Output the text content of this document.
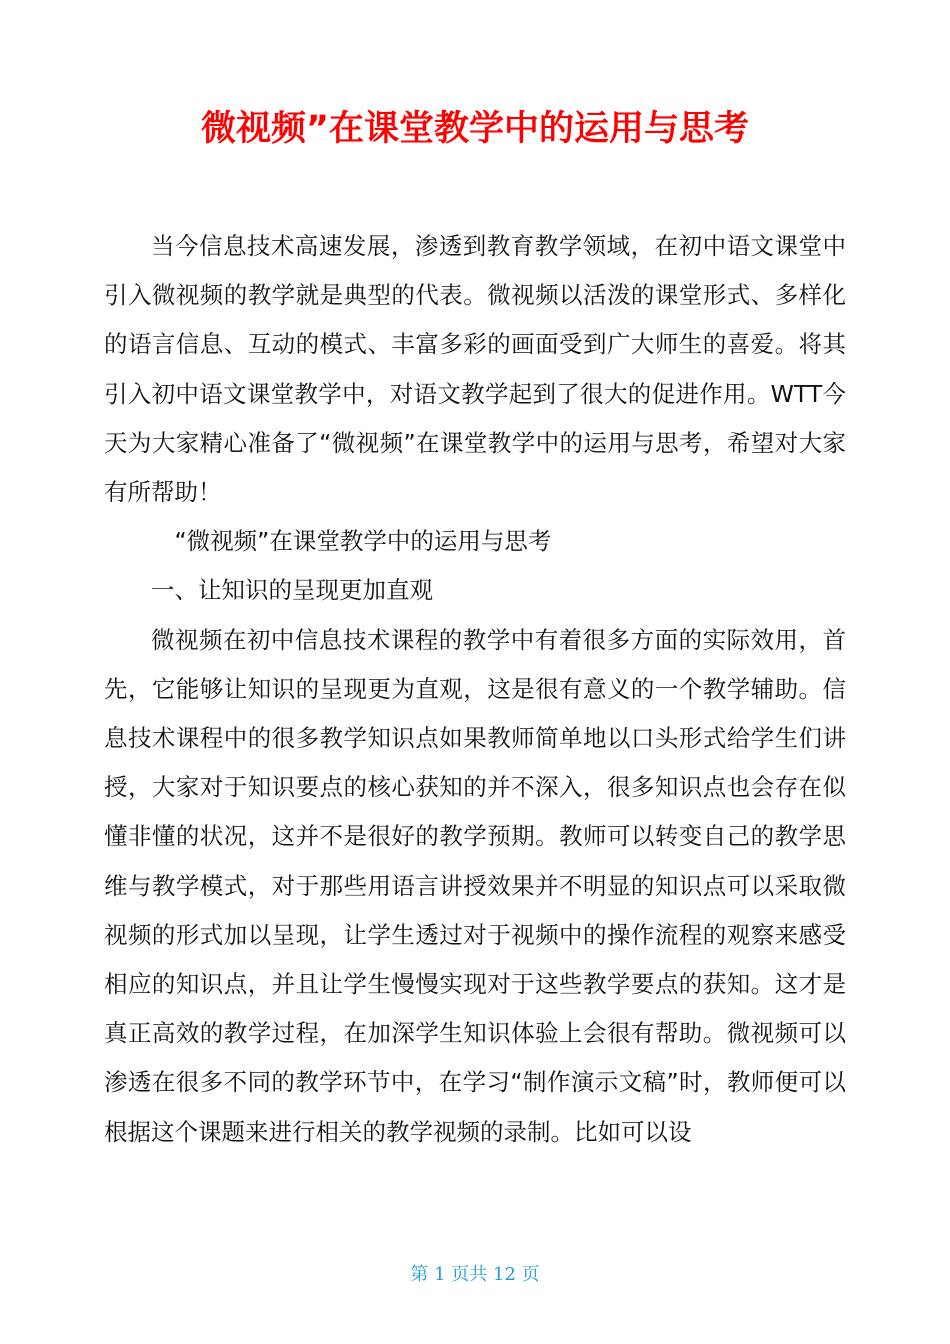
微视频”在课堂教学中的运用与思考

当今信息技术高速发展，渗透到教育教学领域，在初中语文课堂中引入微视频的教学就是典型的代表。微视频以活泼的课堂形式、多样化的语言信息、互动的模式、丰富多彩的画面受到广大师生的喜爱。将其引入初中语文课堂教学中，对语文教学起到了很大的促进作用。WTT今天为大家精心准备了“微视频”在课堂教学中的运用与思考，希望对大家有所帮助！

“微视频”在课堂教学中的运用与思考

一、让知识的呈现更加直观

微视频在初中信息技术课程的教学中有着很多方面的实际效用，首先，它能够让知识的呈现更为直观，这是很有意义的一个教学辅助。信息技术课程中的很多教学知识点如果教师简单地以口头形式给学生们讲授，大家对于知识要点的核心获知的并不深入，很多知识点也会存在似懂非懂的状况，这并不是很好的教学预期。教师可以转变自己的教学思维与教学模式，对于那些用语言讲授效果并不明显的知识点可以采取微视频的形式加以呈现，让学生透过对于视频中的操作流程的观察来感受相应的知识点，并且让学生慢慢实现对于这些教学要点的获知。这才是真正高效的教学过程，在加深学生知识体验上会很有帮助。微视频可以渗透在很多不同的教学环节中，在学习“制作演示文稿”时，教师便可以根据这个课题来进行相关的教学视频的录制。比如可以设

第 1 页共 12 页
